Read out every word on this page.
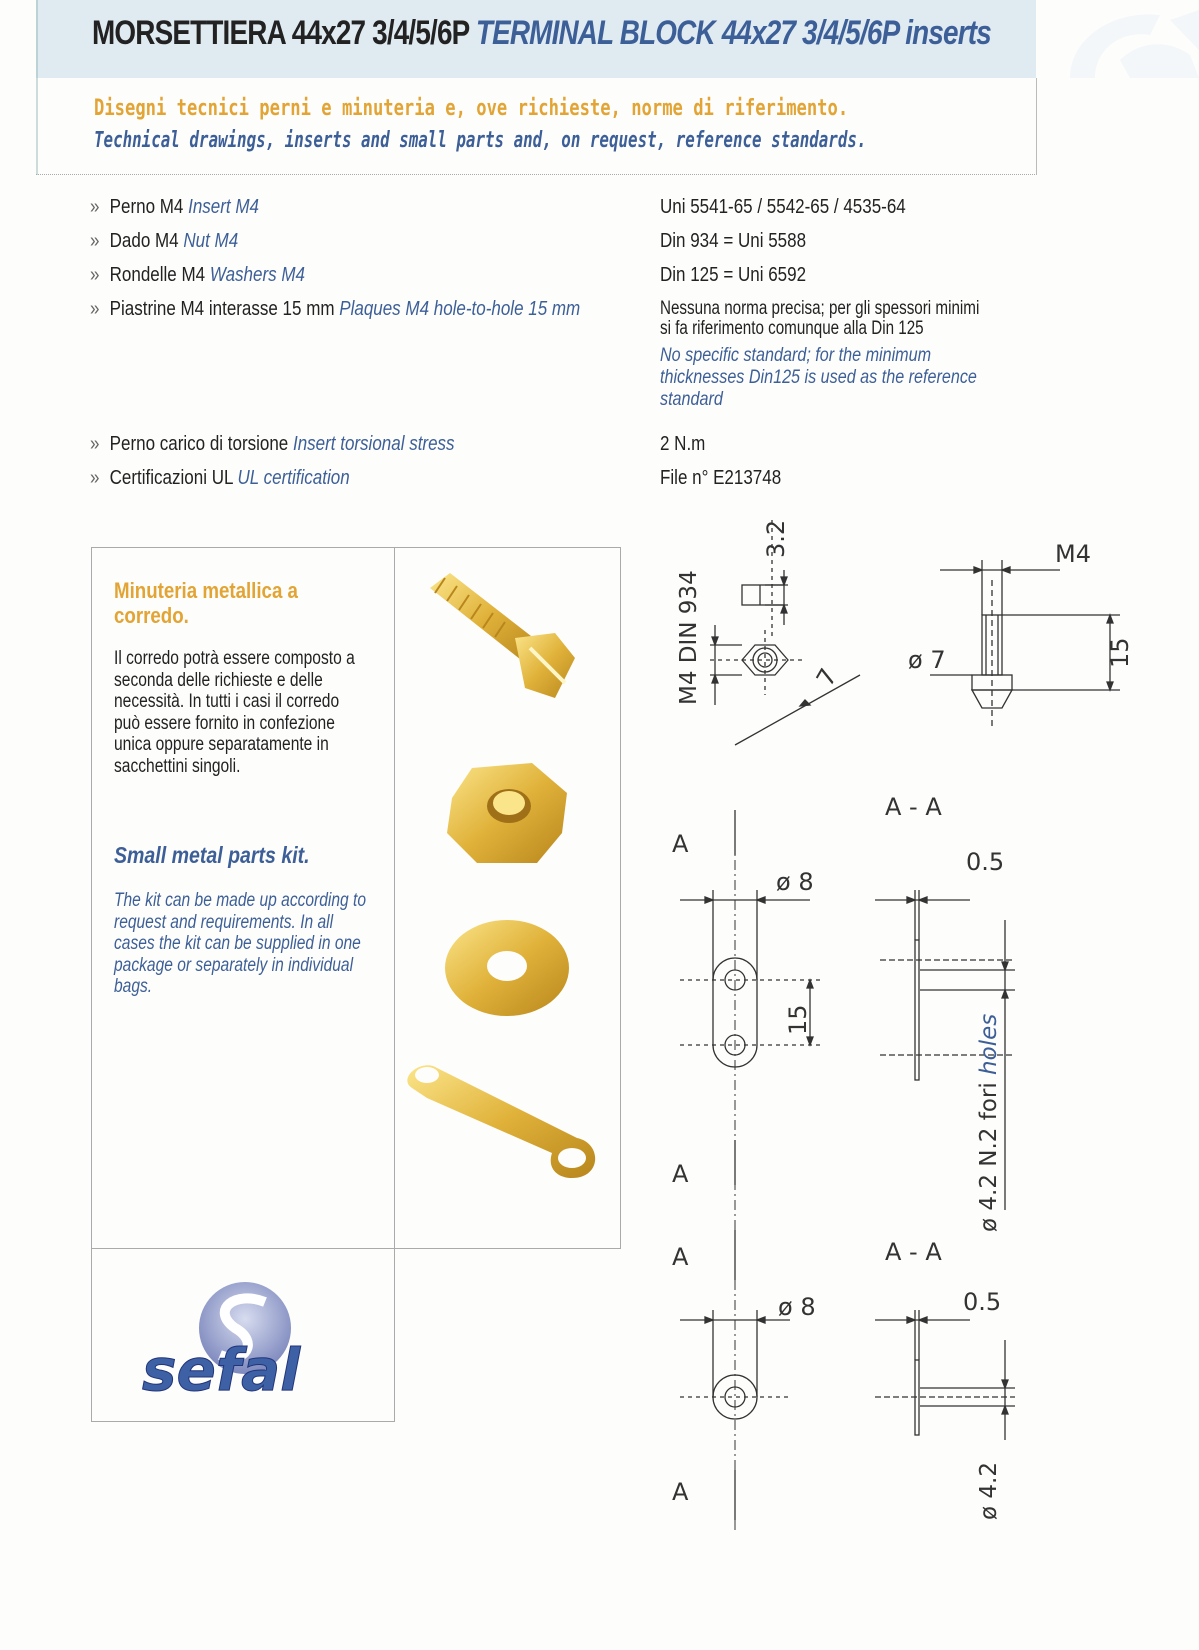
MORSETTIERA 44x27 3/4/5/6P TERMINAL BLOCK 44x27 3/4/5/6P inserts
Disegni tecnici perni e minuteria e, ove richieste, norme di riferimento.
Technical drawings, inserts and small parts and, on request, reference standards.
» Perno M4 Insert M4
» Dado M4 Nut M4
» Rondelle M4 Washers M4
» Piastrine M4 interasse 15 mm Plaques M4 hole-to-hole 15 mm
» Perno carico di torsione Insert torsional stress
» Certificazioni UL UL certification
Uni 5541-65 / 5542-65 / 4535-64
Din 934 = Uni 5588
Din 125 = Uni 6592
Nessuna norma precisa; per gli spessori minimi
si fa riferimento comunque alla Din 125
No specific standard; for the minimum
thicknesses Din125 is used as the reference
standard
2 N.m
File n° E213748
Minuteria metallica a corredo.
Il corredo potrà essere composto a seconda delle richieste e delle necessità. In tutti i casi il corredo può essere fornito in confezione unica oppure separatamente in sacchettini singoli.
Small metal parts kit.
The kit can be made up according to request and requirements. In all cases the kit can be supplied in one package or separately in individual bags.
sefal
3.2
M4 DIN 934	7
M4
ø 7	15
A
A
ø 8
15
A - A
0.5
ø 4.2 N.2 fori holes
A
A
ø 8
A - A
0.5
ø 4.2
